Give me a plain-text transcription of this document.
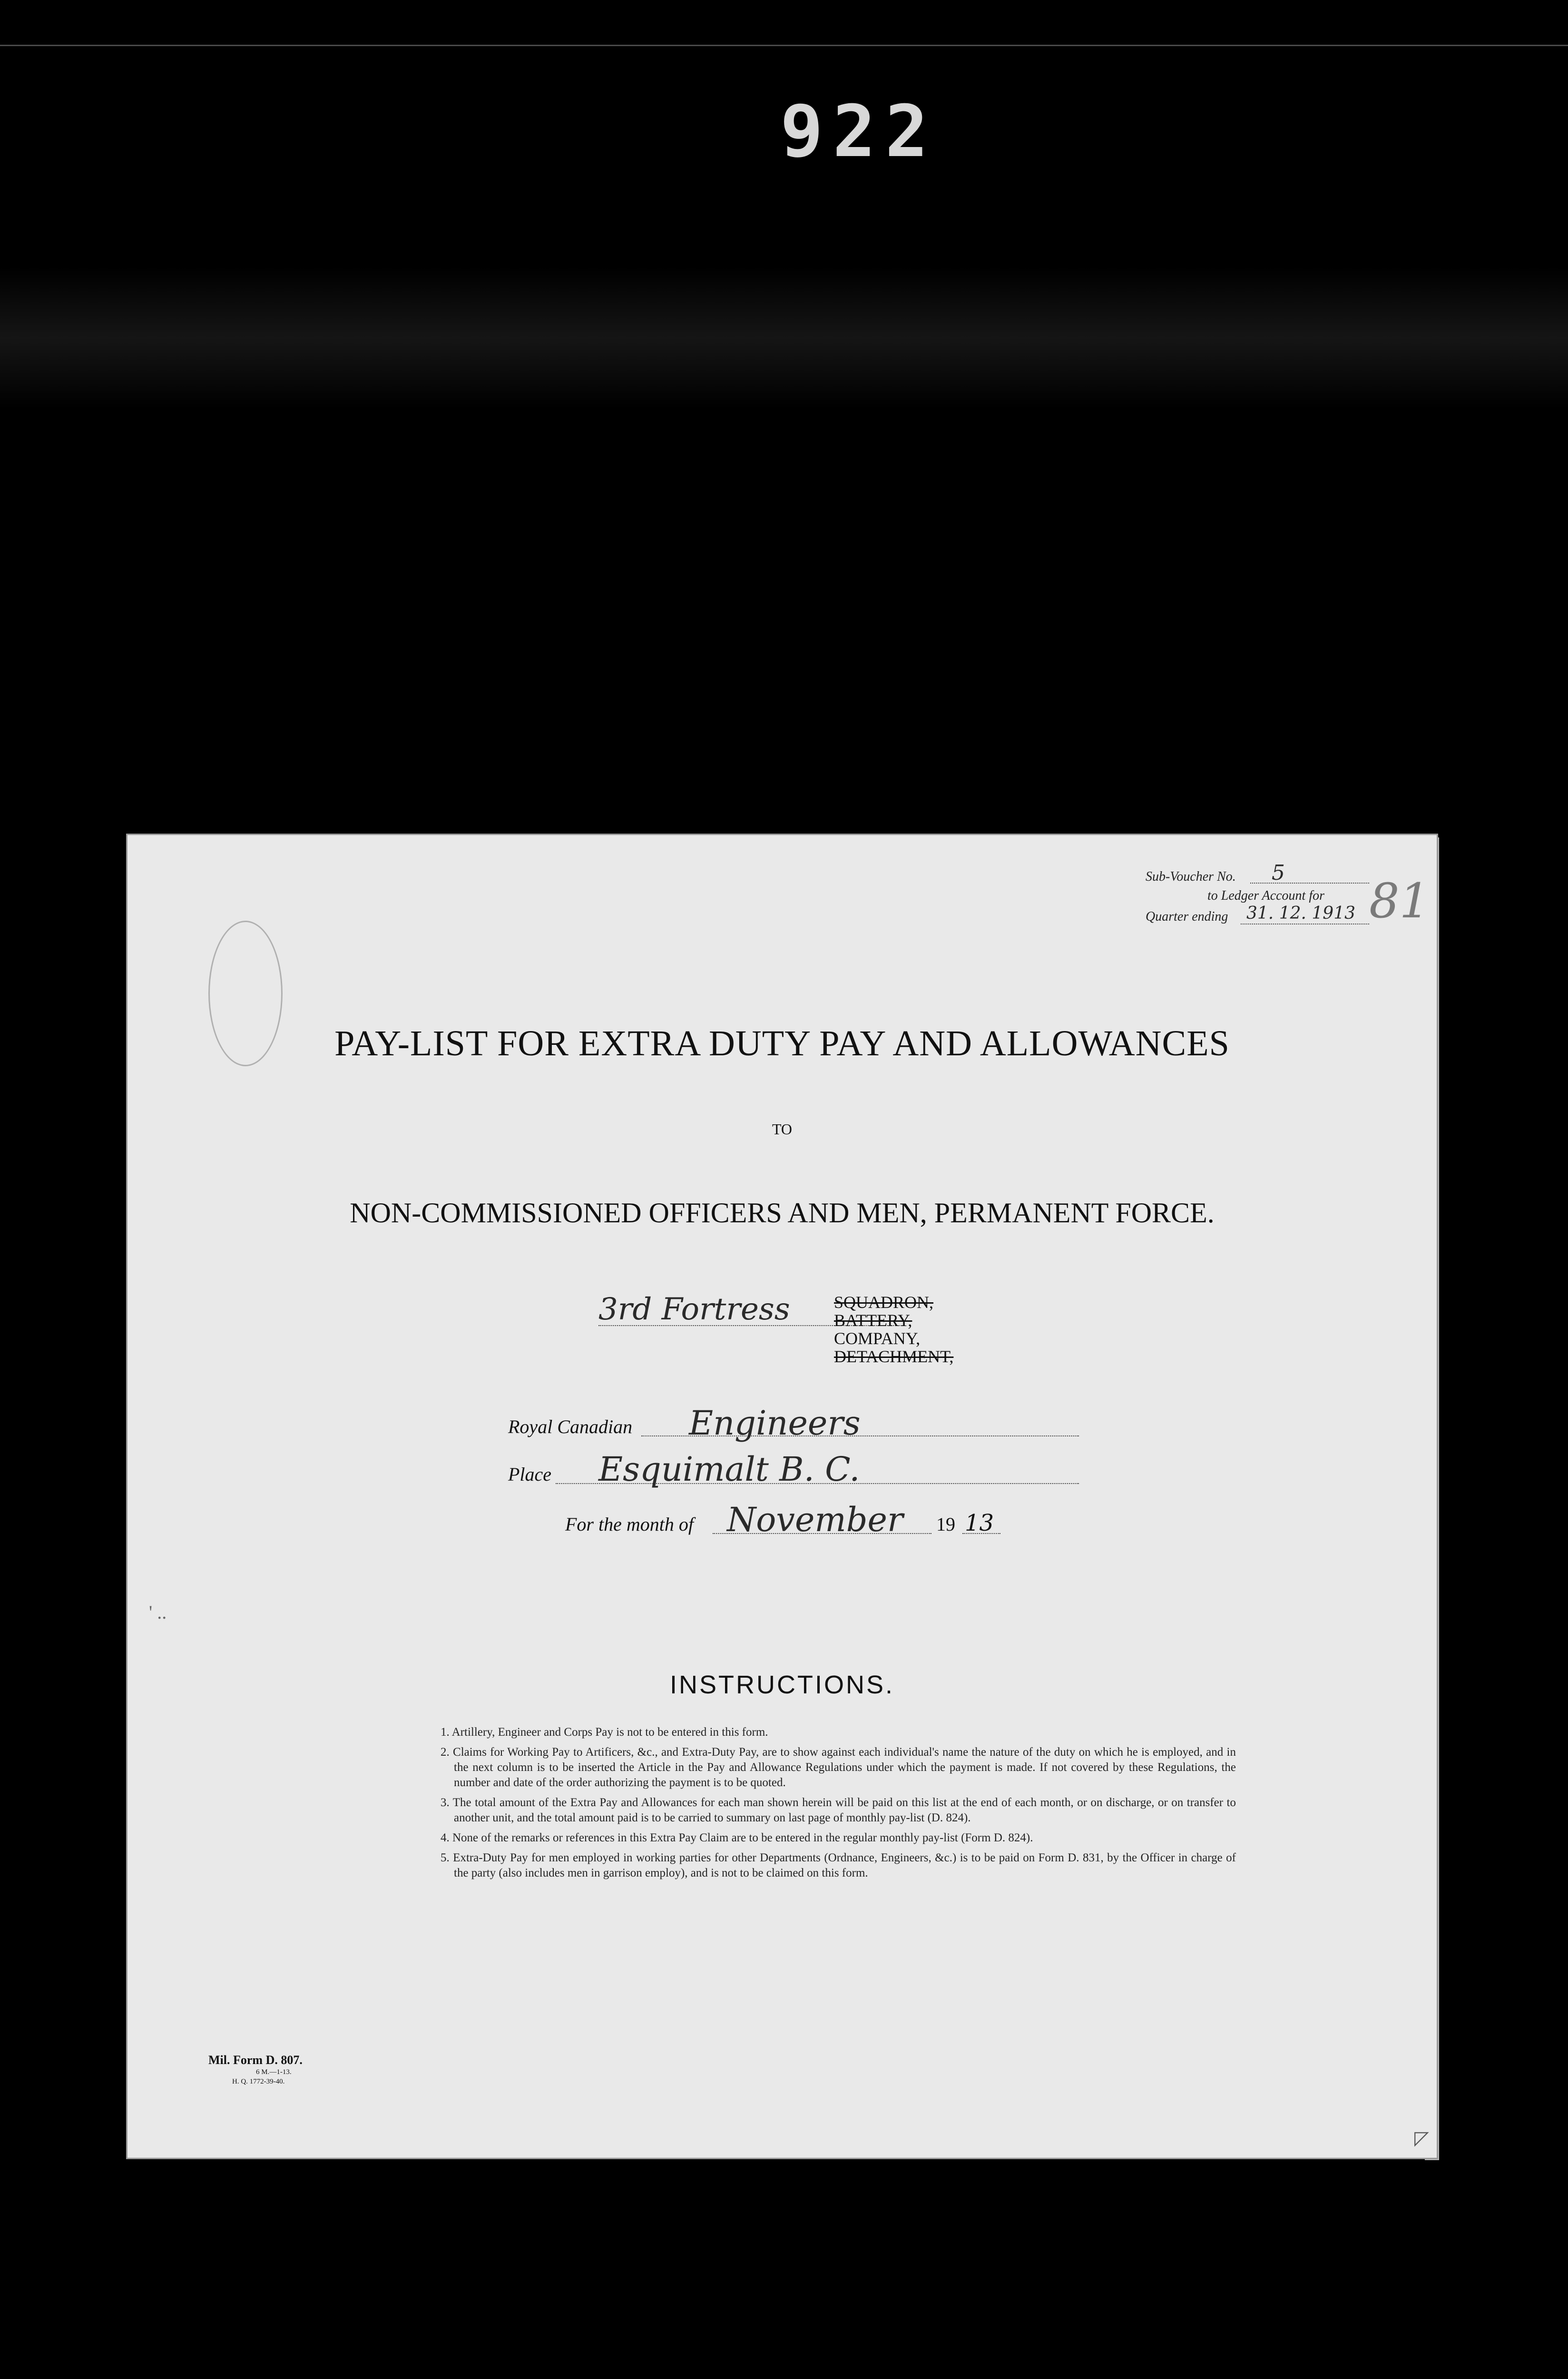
922
81
Sub-Voucher No. 5
to Ledger Account for
Quarter ending 31. 12. 1913
PAY-LIST FOR EXTRA DUTY PAY AND ALLOWANCES
TO
NON-COMMISSIONED OFFICERS AND MEN, PERMANENT FORCE.
3rd Fortress	SQUADRON,
BATTERY,
COMPANY,
DETACHMENT,
Royal Canadian Engineers
Place Esquimalt B. C.
For the month of November 19 13
' ..
INSTRUCTIONS.
1. Artillery, Engineer and Corps Pay is not to be entered in this form.
2. Claims for Working Pay to Artificers, &c., and Extra-Duty Pay, are to show against each individual's name the nature of the duty on which he is employed, and in the next column is to be inserted the Article in the Pay and Allowance Regulations under which the payment is made. If not covered by these Regulations, the number and date of the order authorizing the payment is to be quoted.
3. The total amount of the Extra Pay and Allowances for each man shown herein will be paid on this list at the end of each month, or on discharge, or on transfer to another unit, and the total amount paid is to be carried to summary on last page of monthly pay-list (D. 824).
4. None of the remarks or references in this Extra Pay Claim are to be entered in the regular monthly pay-list (Form D. 824).
5. Extra-Duty Pay for men employed in working parties for other Departments (Ordnance, Engineers, &c.) is to be paid on Form D. 831, by the Officer in charge of the party (also includes men in garrison employ), and is not to be claimed on this form.
Mil. Form D. 807.
6 M.—1-13.
H. Q. 1772-39-40.
◸
